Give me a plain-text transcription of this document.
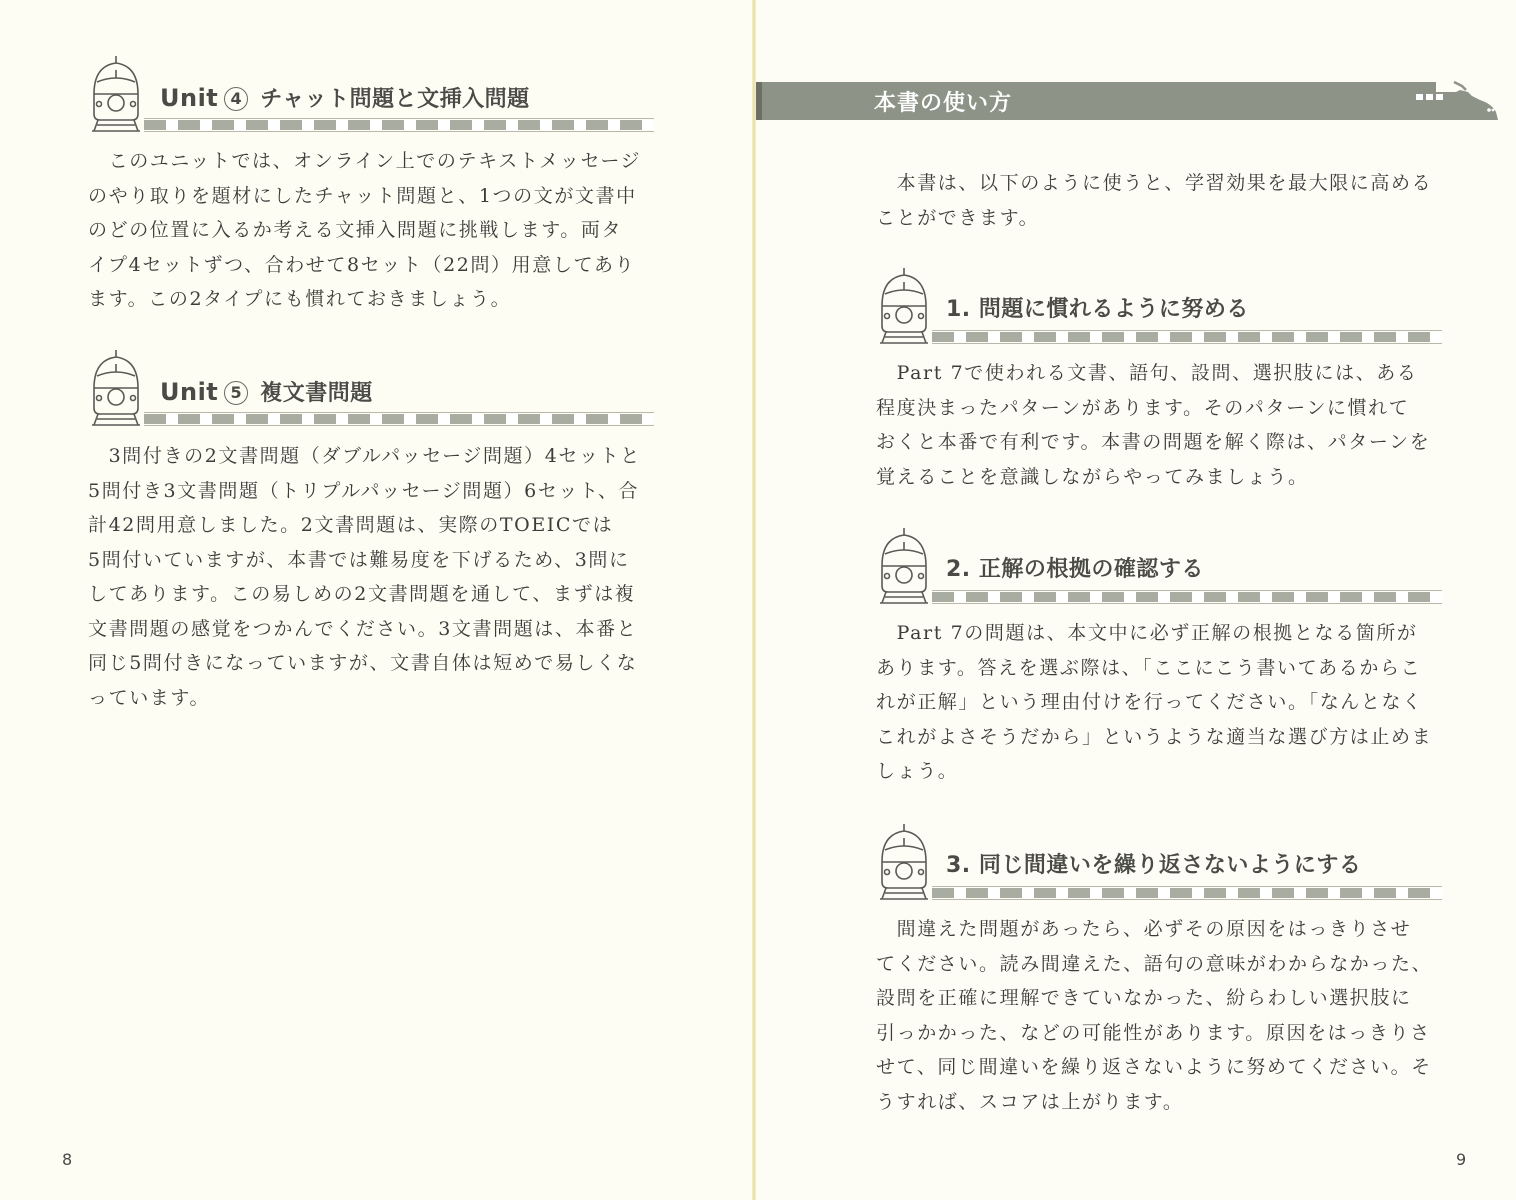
Unit 4 チャット問題と文挿入問題
　このユニットでは、オンライン上でのテキストメッセージ
のやり取りを題材にしたチャット問題と、1つの文が文書中
のどの位置に入るか考える文挿入問題に挑戦します。両タ
イプ4セットずつ、合わせて8セット（22問）用意してあり
ます。この2タイプにも慣れておきましょう。
Unit 5 複文書問題
　3問付きの2文書問題（ダブルパッセージ問題）4セットと
5問付き3文書問題（トリプルパッセージ問題）6セット、合
計42問用意しました。2文書問題は、実際のTOEICでは
5問付いていますが、本書では難易度を下げるため、3問に
してあります。この易しめの2文書問題を通して、まずは複
文書問題の感覚をつかんでください。3文書問題は、本番と
同じ5問付きになっていますが、文書自体は短めで易しくな
っています。
8
本書の使い方
　本書は、以下のように使うと、学習効果を最大限に高める
ことができます。
1. 問題に慣れるように努める
　Part 7で使われる文書、語句、設問、選択肢には、ある
程度決まったパターンがあります。そのパターンに慣れて
おくと本番で有利です。本書の問題を解く際は、パターンを
覚えることを意識しながらやってみましょう。
2. 正解の根拠の確認する
　Part 7の問題は、本文中に必ず正解の根拠となる箇所が
あります。答えを選ぶ際は、「ここにこう書いてあるからこ
れが正解」という理由付けを行ってください。「なんとなく
これがよさそうだから」というような適当な選び方は止めま
しょう。
3. 同じ間違いを繰り返さないようにする
　間違えた問題があったら、必ずその原因をはっきりさせ
てください。読み間違えた、語句の意味がわからなかった、
設問を正確に理解できていなかった、紛らわしい選択肢に
引っかかった、などの可能性があります。原因をはっきりさ
せて、同じ間違いを繰り返さないように努めてください。そ
うすれば、スコアは上がります。
9
